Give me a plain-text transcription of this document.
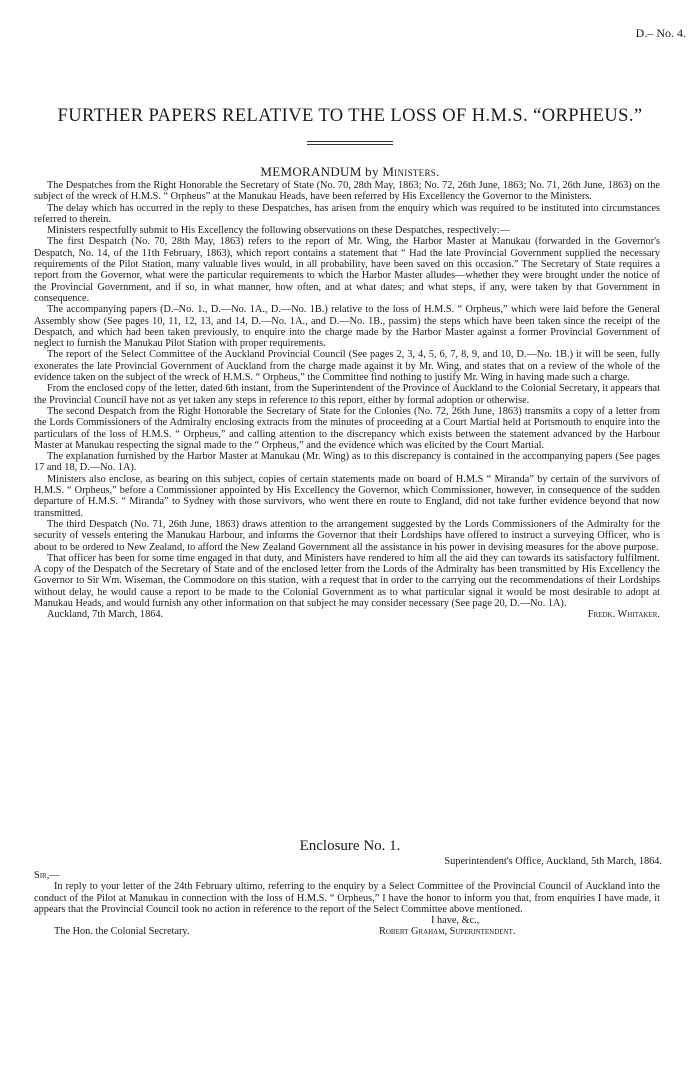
D.– No. 4.
FURTHER PAPERS RELATIVE TO THE LOSS OF H.M.S. “ORPHEUS.”
MEMORANDUM by Ministers.

The Despatches from the Right Honorable the Secretary of State (No. 70, 28th May, 1863; No. 72, 26th June, 1863; No. 71, 26th June, 1863) on the subject of the wreck of H.M.S. “ Orpheus” at the Manukau Heads, have been referred by His Excellency the Governor to the Ministers.

The delay which has occurred in the reply to these Despatches, has arisen from the enquiry which was required to be instituted into circumstances referred to therein.

Ministers respectfully submit to His Excellency the following observations on these Despatches, respectively:—

The first Despatch (No. 70, 28th May, 1863) refers to the report of Mr. Wing, the Harbor Master at Manukau (forwarded in the Governor's Despatch, No. 14, of the 11th February, 1863), which report contains a statement that “ Had the late Provincial Government supplied the necessary requirements of the Pilot Station, many valuable lives would, in all probability, have been saved on this occasion.” The Secretary of State requires a report from the Governor, what were the particular requirements to which the Harbor Master alludes—whether they were brought under the notice of the Provincial Government, and if so, in what manner, how often, and at what dates; and what steps, if any, were taken by that Government in consequence.

The accompanying papers (D.–No. 1., D.—No. 1A., D.—No. 1B.) relative to the loss of H.M.S. “ Orpheus,” which were laid before the General Assembly show (See pages 10, 11, 12, 13, and 14, D.—No. 1A., and D.—No. 1B., passim) the steps which have been taken since the receipt of the Despatch, and which had been taken previously, to enquire into the charge made by the Harbor Master against a former Provincial Government of neglect to furnish the Manukau Pilot Station with proper requirements.

The report of the Select Committee of the Auckland Provincial Council (See pages 2, 3, 4, 5, 6, 7, 8, 9, and 10, D.—No. 1B.) it will be seen, fully exonerates the late Provincial Government of Auckland from the charge made against it by Mr. Wing, and states that on a review of the whole of the evidence taken on the subject of the wreck of H.M.S. “ Orpheus,” the Committee find nothing to justify Mr. Wing in having made such a charge.

From the enclosed copy of the letter, dated 6th instant, from the Superintendent of the Province of Auckland to the Colonial Secretary, it appears that the Provincial Council have not as yet taken any steps in reference to this report, either by formal adoption or otherwise.

The second Despatch from the Right Honorable the Secretary of State for the Colonies (No. 72, 26th June, 1863) transmits a copy of a letter from the Lords Commissioners of the Admiralty enclosing extracts from the minutes of proceeding at a Court Martial held at Portsmouth to enquire into the particulars of the loss of H.M.S. “ Orpheus,” and calling attention to the discrepancy which exists between the statement advanced by the Harbour Master at Manukau respecting the signal made to the “ Orpheus,” and the evidence which was elicited by the Court Martial.

The explanation furnished by the Harbor Master at Manukau (Mr. Wing) as to this discrepancy is contained in the accompanying papers (See pages 17 and 18, D.—No. 1A).

Ministers also enclose, as bearing on this subject, copies of certain statements made on board of H.M.S “ Miranda” by certain of the survivors of H.M.S. “ Orpheus,” before a Commissioner appointed by His Excellency the Governor, which Commissioner, however, in consequence of the sudden departure of H.M.S. “ Miranda” to Sydney with those survivors, who went there en route to England, did not take further evidence beyond that now transmitted.

The third Despatch (No. 71, 26th June, 1863) draws attention to the arrangement suggested by the Lords Commissioners of the Admiralty for the security of vessels entering the Manukau Harbour, and informs the Governor that their Lordships have offered to instruct a surveying Officer, who is about to be ordered to New Zealand, to afford the New Zealand Government all the assistance in his power in devising measures for the above purpose.

That officer has been for some time engaged in that duty, and Ministers have rendered to him all the aid they can towards its satisfactory fulfilment. A copy of the Despatch of the Secretary of State and of the enclosed letter from the Lords of the Admiralty has been transmitted by His Excellency the Governor to Sir Wm. Wiseman, the Commodore on this station, with a request that in order to the carrying out the recommendations of their Lordships without delay, he would cause a report to be made to the Colonial Government as to what particular signal it would be most desirable to adopt at Manukau Heads, and would furnish any other information on that subject he may consider necessary (See page 20, D.—No. 1A).

Auckland, 7th March, 1864.	Fredk. Whitaker.
Enclosure No. 1.
Superintendent's Office, Auckland, 5th March, 1864.

Sir,—

In reply to your letter of the 24th February ultimo, referring to the enquiry by a Select Committee of the Provincial Council of Auckland into the conduct of the Pilot at Manukau in connection with the loss of H.M.S. “ Orpheus,” I have the honor to inform you that, from enquiries I have made, it appears that the Provincial Council took no action in reference to the report of the Select Committee above mentioned.

I have, &c.,
The Hon. the Colonial Secretary.	Robert Graham, Superintendent.
